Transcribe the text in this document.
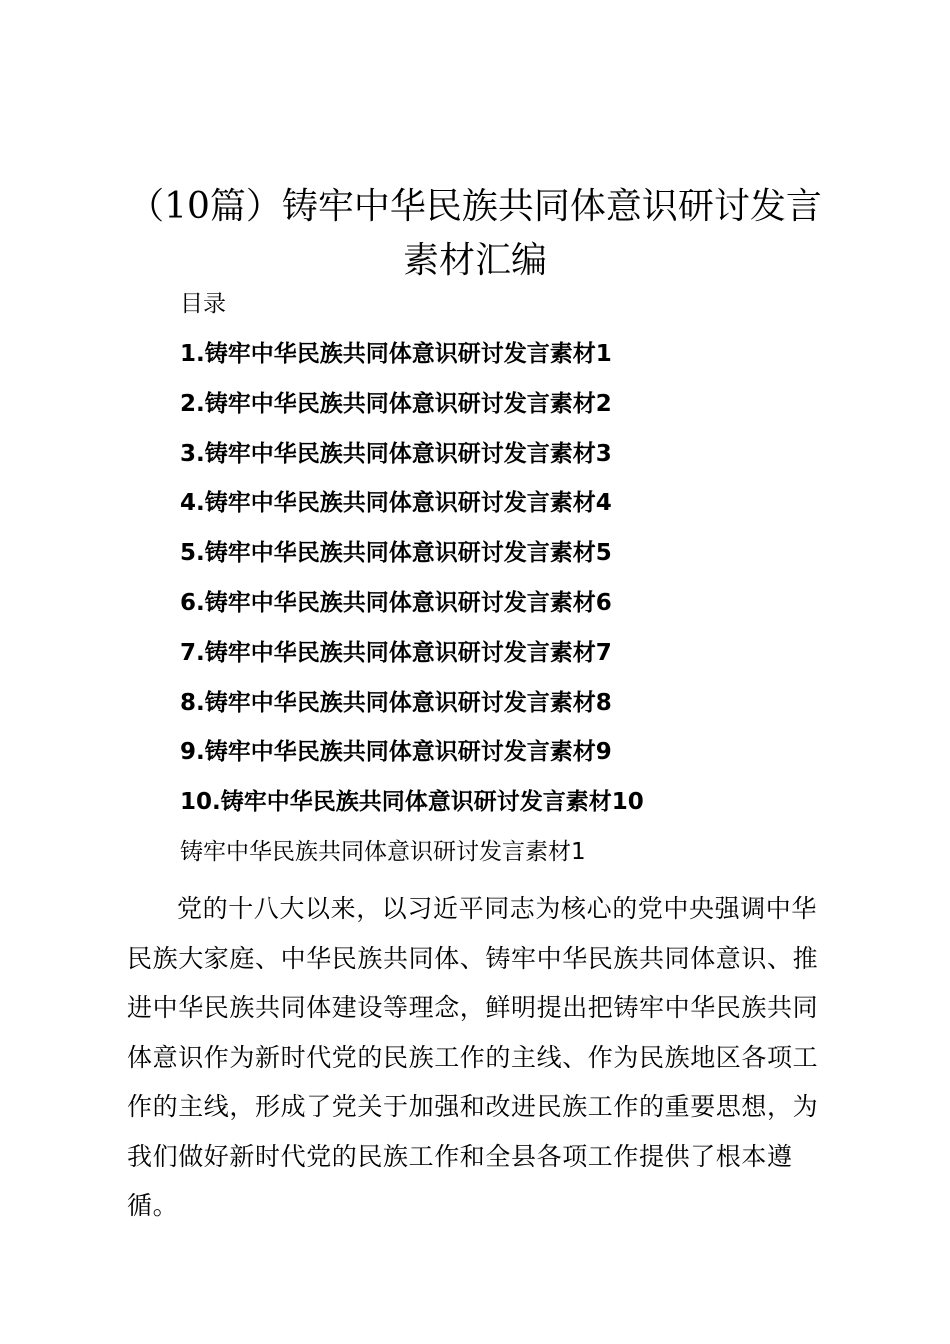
（10篇）铸牢中华民族共同体意识研讨发言素材汇编

目录

1.铸牢中华民族共同体意识研讨发言素材1
2.铸牢中华民族共同体意识研讨发言素材2
3.铸牢中华民族共同体意识研讨发言素材3
4.铸牢中华民族共同体意识研讨发言素材4
5.铸牢中华民族共同体意识研讨发言素材5
6.铸牢中华民族共同体意识研讨发言素材6
7.铸牢中华民族共同体意识研讨发言素材7
8.铸牢中华民族共同体意识研讨发言素材8
9.铸牢中华民族共同体意识研讨发言素材9
10.铸牢中华民族共同体意识研讨发言素材10

铸牢中华民族共同体意识研讨发言素材1

党的十八大以来，以习近平同志为核心的党中央强调中华民族大家庭、中华民族共同体、铸牢中华民族共同体意识、推进中华民族共同体建设等理念，鲜明提出把铸牢中华民族共同体意识作为新时代党的民族工作的主线、作为民族地区各项工作的主线，形成了党关于加强和改进民族工作的重要思想，为我们做好新时代党的民族工作和全县各项工作提供了根本遵循。
